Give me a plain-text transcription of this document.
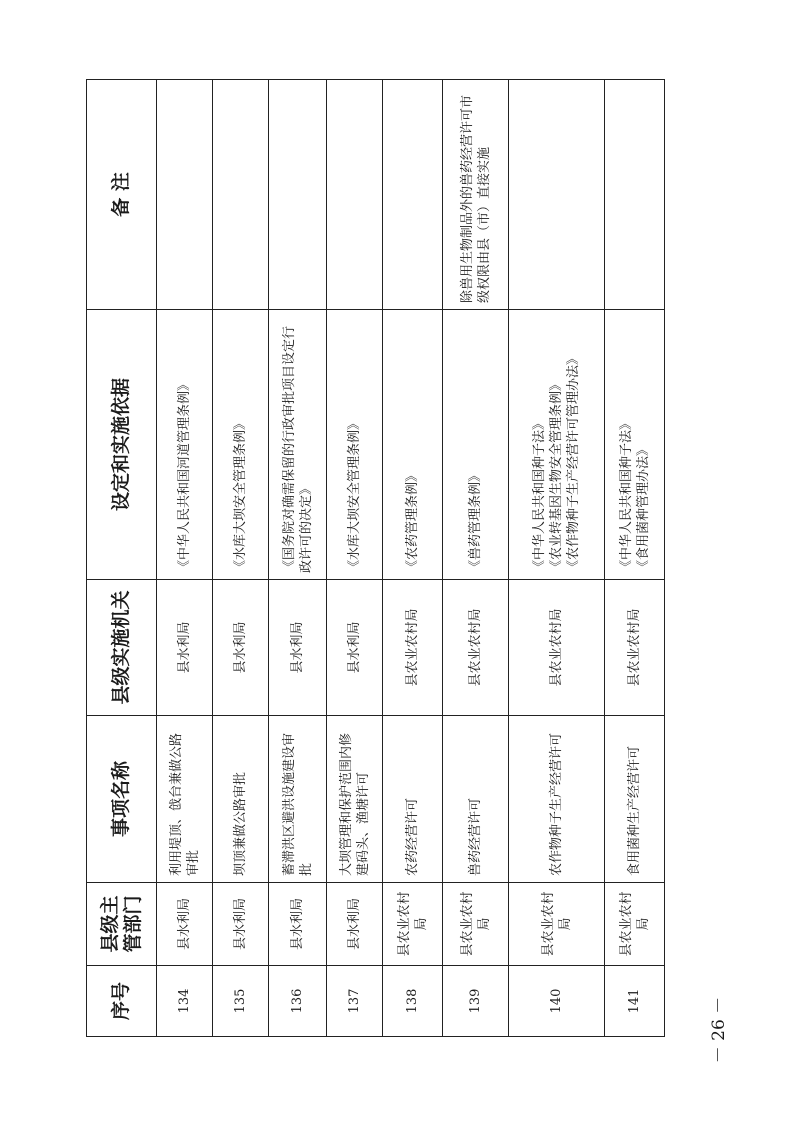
序号	县级主管部门	事项名称	县级实施机关	设定和实施依据	备 注
134	县水利局	利用堤顶、戗台兼做公路审批	县水利局	《中华人民共和国河道管理条例》	
135	县水利局	坝顶兼做公路审批	县水利局	《水库大坝安全管理条例》	
136	县水利局	蓄滞洪区避洪设施建设审批	县水利局	《国务院对确需保留的行政审批项目设定行政许可的决定》	
137	县水利局	大坝管理和保护范围内修建码头、渔塘许可	县水利局	《水库大坝安全管理条例》	
138	县农业农村局	农药经营许可	县农业农村局	《农药管理条例》	
139	县农业农村局	兽药经营许可	县农业农村局	《兽药管理条例》	除兽用生物制品外的兽药经营许可市级权限由县（市）直接实施
140	县农业农村局	农作物种子生产经营许可	县农业农村局	《中华人民共和国种子法》
《农业转基因生物安全管理条例》
《农作物种子生产经营许可管理办法》	
141	县农业农村局	食用菌种生产经营许可	县农业农村局	《中华人民共和国种子法》
《食用菌种管理办法》	
－ 26 －
